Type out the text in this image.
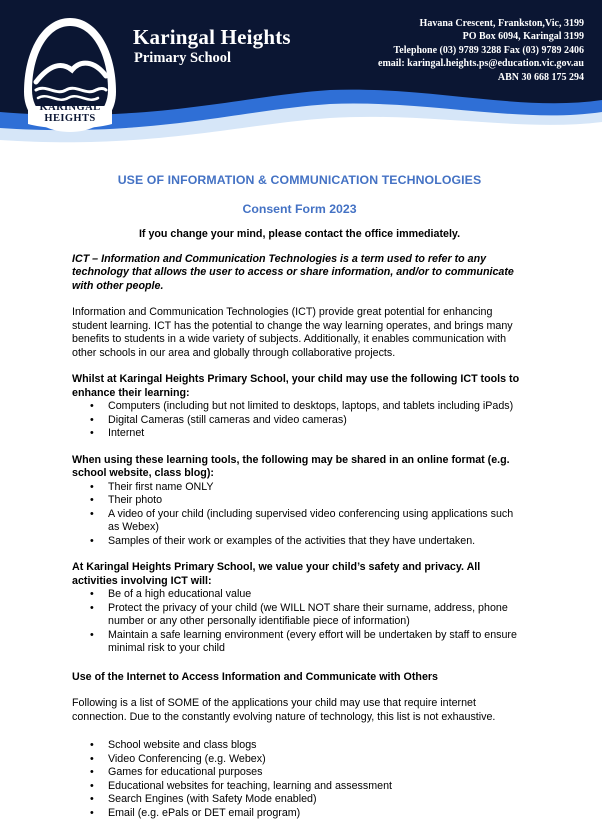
KARINGAL
HEIGHTS
Karingal Heights
Primary School
Havana Crescent, Frankston,Vic, 3199
PO Box 6094, Karingal 3199
Telephone (03) 9789 3288 Fax (03) 9789 2406
email: karingal.heights.ps@education.vic.gov.au
ABN 30 668 175 294
USE OF INFORMATION & COMMUNICATION TECHNOLOGIES
Consent Form 2023

If you change your mind, please contact the office immediately.

ICT – Information and Communication Technologies is a term used to refer to any technology that allows the user to access or share information, and/or to communicate with other people.

Information and Communication Technologies (ICT) provide great potential for enhancing student learning. ICT has the potential to change the way learning operates, and brings many benefits to students in a wide variety of subjects. Additionally, it enables communication with other schools in our area and globally through collaborative projects.

Whilst at Karingal Heights Primary School, your child may use the following ICT tools to enhance their learning:

• Computers (including but not limited to desktops, laptops, and tablets including iPads)
• Digital Cameras (still cameras and video cameras)
• Internet

When using these learning tools, the following may be shared in an online format (e.g. school website, class blog):

• Their first name ONLY
• Their photo
• A video of your child (including supervised video conferencing using applications such as Webex)
• Samples of their work or examples of the activities that they have undertaken.

At Karingal Heights Primary School, we value your child’s safety and privacy. All activities involving ICT will:

• Be of a high educational value
• Protect the privacy of your child (we WILL NOT share their surname, address, phone number or any other personally identifiable piece of information)
• Maintain a safe learning environment (every effort will be undertaken by staff to ensure minimal risk to your child

Use of the Internet to Access Information and Communicate with Others

Following is a list of SOME of the applications your child may use that require internet connection. Due to the constantly evolving nature of technology, this list is not exhaustive.

• School website and class blogs
• Video Conferencing (e.g. Webex)
• Games for educational purposes
• Educational websites for teaching, learning and assessment
• Search Engines (with Safety Mode enabled)
• Email (e.g. ePals or DET email program)
